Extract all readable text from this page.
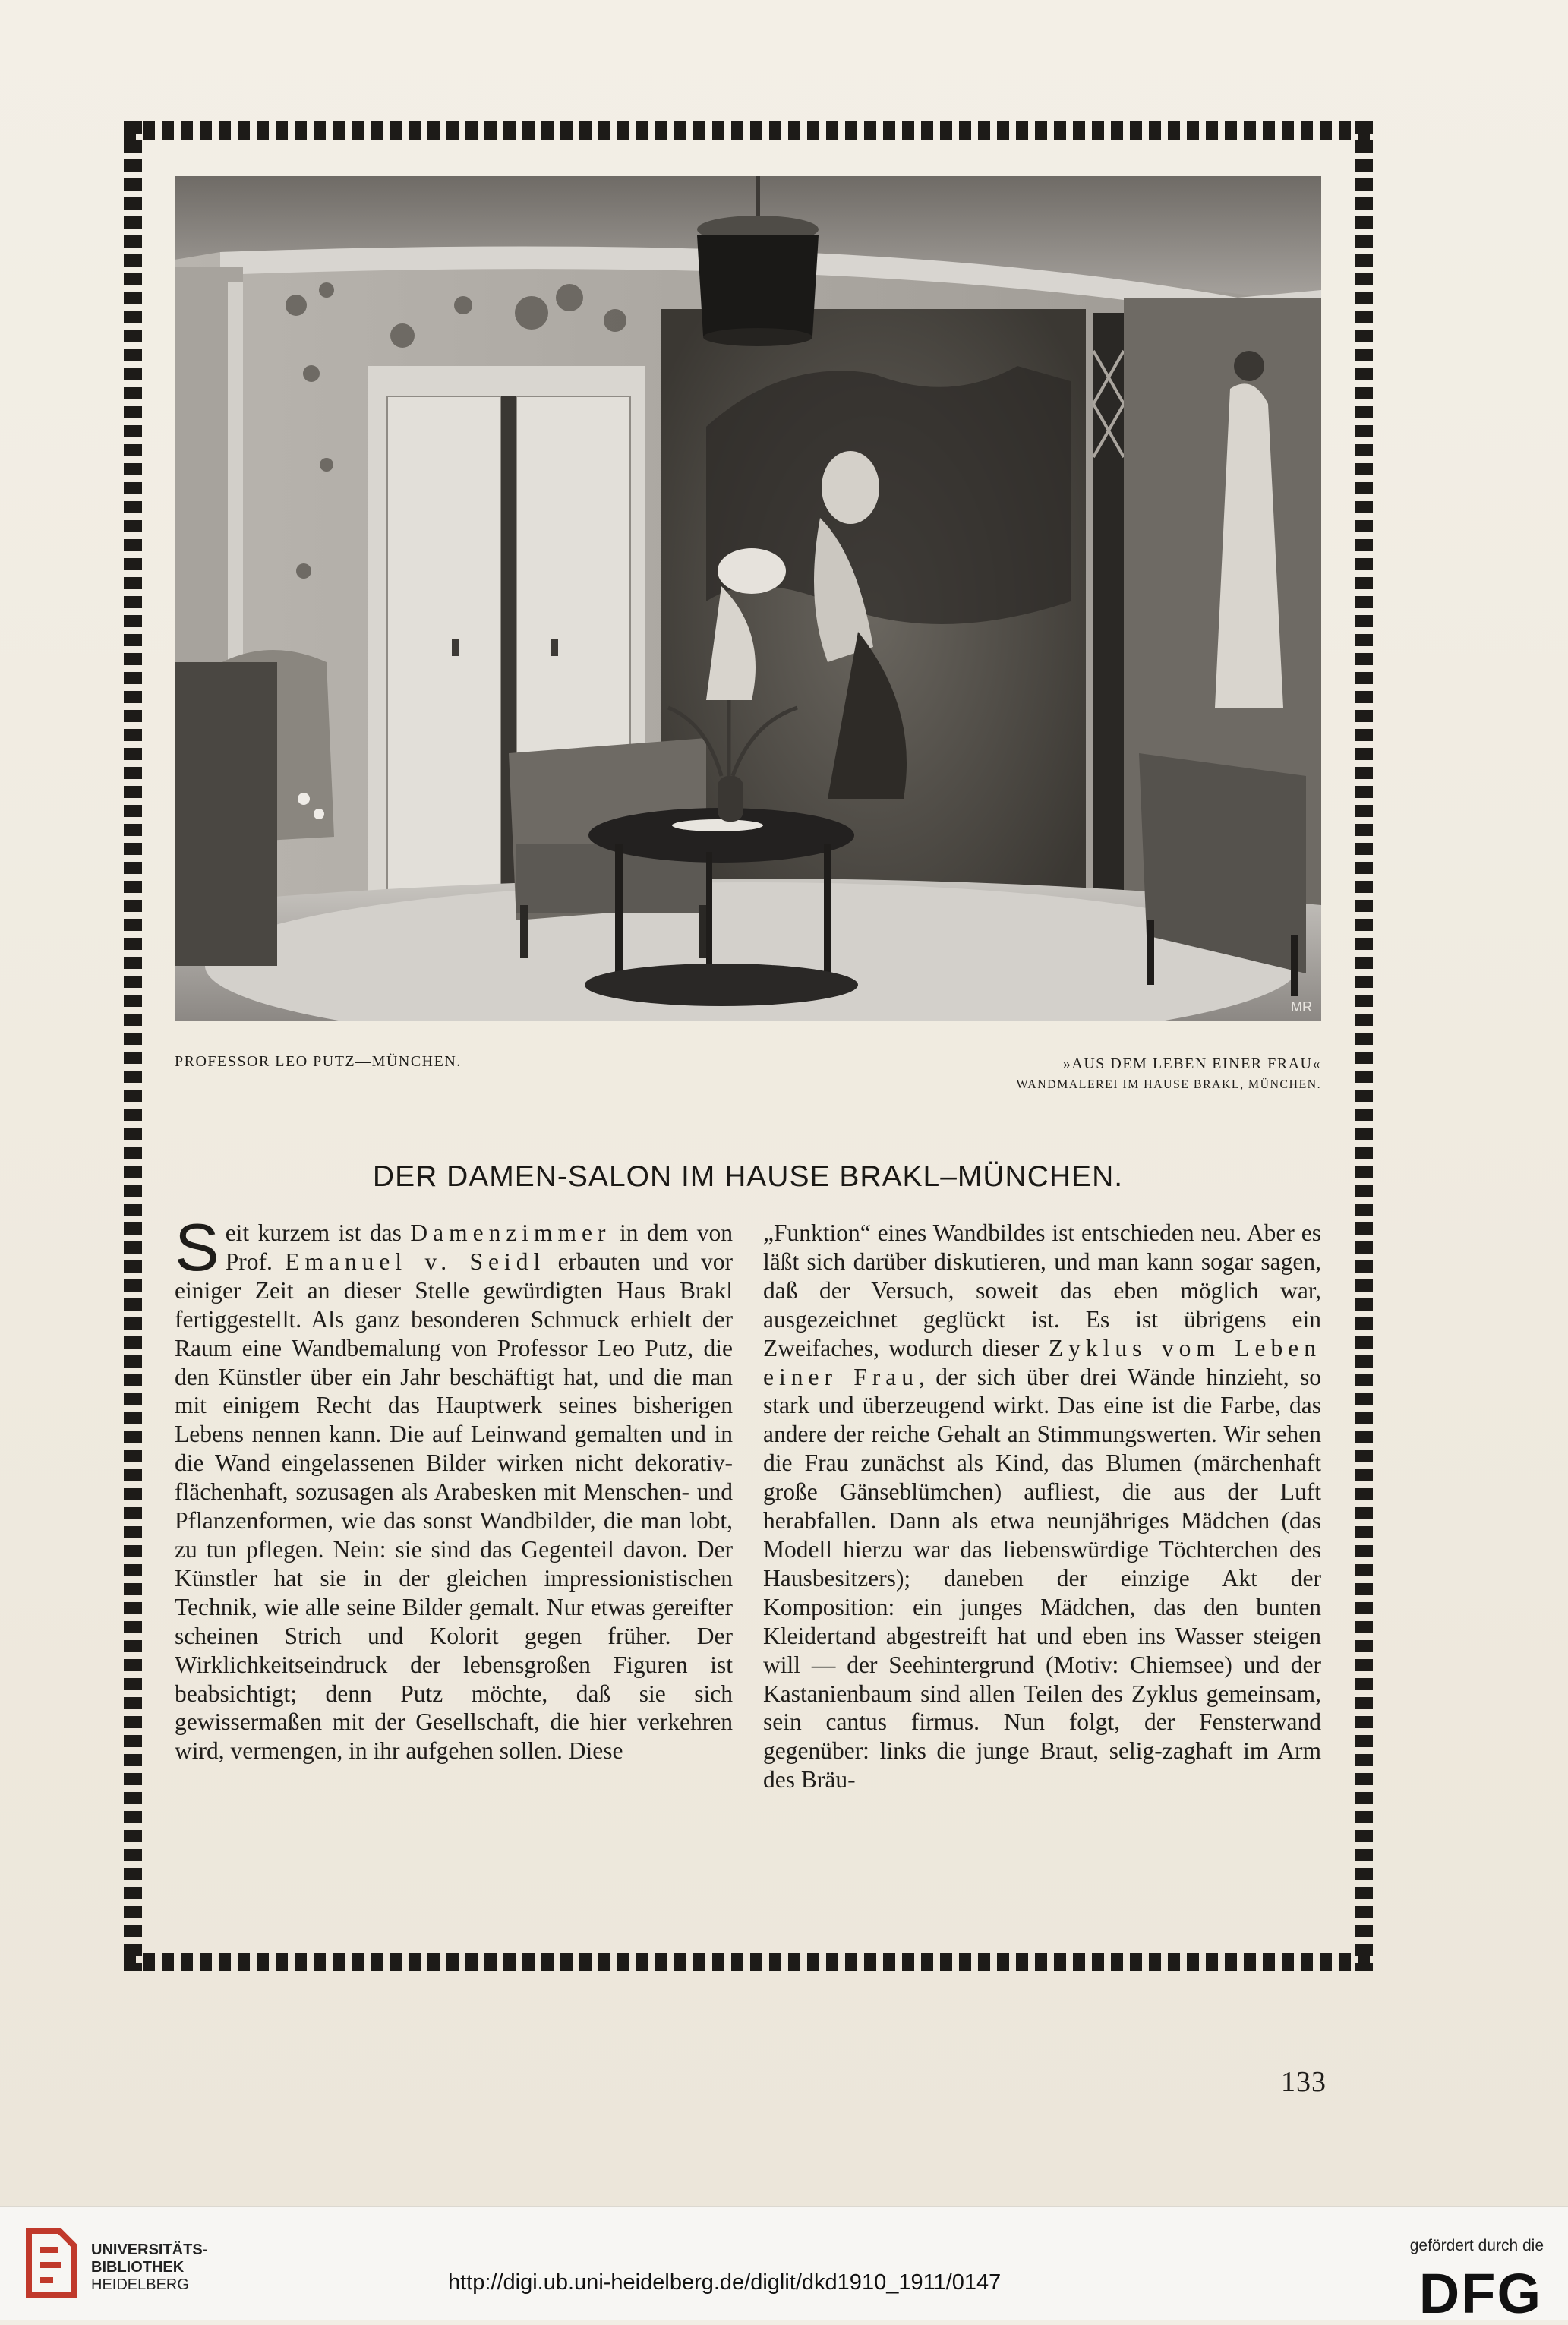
MR
PROFESSOR LEO PUTZ—MÜNCHEN.	»AUS DEM LEBEN EINER FRAU«
WANDMALEREI IM HAUSE BRAKL, MÜNCHEN.
DER DAMEN-SALON IM HAUSE BRAKL–MÜNCHEN.
Seit kurzem ist das Damenzimmer in dem von Prof. Emanuel v. Seidl erbauten und vor einiger Zeit an dieser Stelle gewürdigten Haus Brakl fertiggestellt. Als ganz besonderen Schmuck erhielt der Raum eine Wandbemalung von Professor Leo Putz, die den Künstler über ein Jahr beschäftigt hat, und die man mit einigem Recht das Hauptwerk seines bisherigen Lebens nennen kann. Die auf Leinwand gemalten und in die Wand eingelassenen Bilder wirken nicht dekorativ-flächenhaft, sozusagen als Arabesken mit Menschen- und Pflanzenformen, wie das sonst Wandbilder, die man lobt, zu tun pflegen. Nein: sie sind das Gegenteil davon. Der Künstler hat sie in der gleichen impressionistischen Technik, wie alle seine Bilder gemalt. Nur etwas gereifter scheinen Strich und Kolorit gegen früher. Der Wirklichkeitseindruck der lebensgroßen Figuren ist beabsichtigt; denn Putz möchte, daß sie sich gewissermaßen mit der Gesellschaft, die hier verkehren wird, vermengen, in ihr aufgehen sollen. Diese
„Funktion“ eines Wandbildes ist entschieden neu. Aber es läßt sich darüber diskutieren, und man kann sogar sagen, daß der Versuch, soweit das eben möglich war, ausgezeichnet geglückt ist. Es ist übrigens ein Zweifaches, wodurch dieser Zyklus vom Leben einer Frau, der sich über drei Wände hinzieht, so stark und überzeugend wirkt. Das eine ist die Farbe, das andere der reiche Gehalt an Stimmungswerten. Wir sehen die Frau zunächst als Kind, das Blumen (märchenhaft große Gänseblümchen) aufliest, die aus der Luft herabfallen. Dann als etwa neunjähriges Mädchen (das Modell hierzu war das liebenswürdige Töchterchen des Hausbesitzers); daneben der einzige Akt der Komposition: ein junges Mädchen, das den bunten Kleidertand abgestreift hat und eben ins Wasser steigen will — der Seehintergrund (Motiv: Chiemsee) und der Kastanienbaum sind allen Teilen des Zyklus gemeinsam, sein cantus firmus. Nun folgt, der Fensterwand gegenüber: links die junge Braut, selig-zaghaft im Arm des Bräu-
133
UNIVERSITÄTS-
BIBLIOTHEK
HEIDELBERG	http://digi.ub.uni-heidelberg.de/diglit/dkd1910_1911/0147
gefördert durch die
DFG
